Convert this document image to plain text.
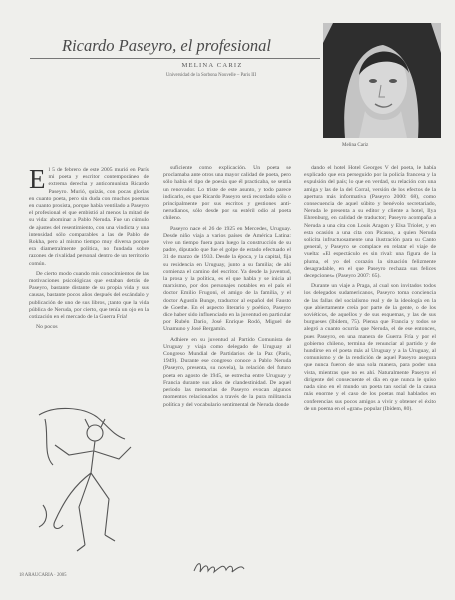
Ricardo Paseyro, el profesional
MELINA CARIZ
Universidad de la Sorbona Nouvelle – Paris III
Melina Cariz

El 5 de febrero de este 2005 murió en París mi poeta y escritor contemporáneo de extrema derecha y anticomunista Ricardo Paseyro. Murió, quizás, con pocas glorias en cuanto poeta, pero sin duda con muchos poemas en cuanto prosista, porque había ventilado a Paseyro el profesional el que embistió al menos la mitad de su vida: abominar a Pablo Neruda. Fue un cúmulo de ajustes del resentimiento, con una vindicta y una intensidad sólo comparables a las de Pablo de Rokha, pero al mismo tiempo muy diversa porque era diametralmente política, no fundada sobre razones de rivalidad personal dentro de un territorio común.

De cierto modo cuando mis conocimientos de las motivaciones psicológicas que estaban detrás de Paseyro, bastante distante de su propia vida y sus causas, bastante pocos años después del escándalo y publicación de uno de sus libros, ¡tanto que la vida pública de Neruda, por cierto, que tenía un ojo en la cotización en el mercado de la Guerra Fría!

No pocos

suficiente como explicación. Un poeta se proclamaba ante otros una mayor calidad de poeta, pero sólo había el tipo de poesía que él practicaba, se sentía un renovador. Lo triste de este asunto, y todo parece indicarlo, es que Ricardo Paseyro será recordado sólo o principalmente por sus escritos y gestiones anti-nerudianos, sólo desde por su estéril odio al poeta chileno.

Paseyro nace el 26 de 1925 en Mercedes, Uruguay. Desde niño viaja a varios países de América Latina: vive un tiempo fuera para luego la construcción de su padre, diputado que fue el golpe de estado efectuado el 31 de marzo de 1933. Desde la época, y la capital, fija su residencia en Uruguay, junto a su familia; de ahí comienza el camino del escritor. Ya desde la juventud, la prosa y la política, es el que habla y se inicia al marxismo, por dos personajes notables en el país el doctor Emilio Frugoni, el amigo de la familia, y el doctor Agustín Bunge, traductor al español del Fausto de Goethe. En el aspecto literario y poético, Paseyro dice haber sido influenciado en la juventud en particular por Rubén Darío, José Enrique Rodó, Miguel de Unamuno y José Bergamín.

Adhiere en su juventud al Partido Comunista de Uruguay y viaja como delegado de Uruguay al Congreso Mundial de Partidarios de la Paz (París, 1949). Durante ese congreso conoce a Pablo Neruda (Paseyro, presenta, su novela), la relación del futuro poeta en agosto de 1945, se estrecha entre Uruguay y Francia durante sus años de clandestinidad. De aquel periodo las memorias de Paseyro evocan algunos momentos relacionados a través de la pura militancia política y del vocabulario sentimental de Neruda donde

dando el hotel Hotel Georges V del poeta, le había explicado que era perseguido por la policía francesa y la expulsión del país; lo que en verdad, su relación con una amiga y las de la del Corral, versión de los efectos de la apertura más informativa (Paseyro 2000: 68), como consecuencia de aquel súbito y benévolo secretariado, Neruda le presenta a su editor y cliente a hotel, Ilya Ehrenburg, en calidad de traductor; Paseyro acompaña a Neruda a una cita con Louis Aragon y Elsa Triolet, y en esta ocasión a una cita con Picasso, a quien Neruda solicita infructuosamente una ilustración para su Canto general, y Paseyro se complace en relatar el viaje de vuelta: «El espectáculo es sin rival: una figura de la pluma, el yo del corazón la situación felizmente desagradable, en el que Paseyro rechaza sus felices decepciones» (Paseyro 2007: 65).

Durante un viaje a Praga, al cual son invitados todos los delegados sudamericanos, Paseyro toma conciencia de las fallas del socialismo real y de la ideología en la que abiertamente creía por parte de la gente, o de los soviéticos, de aquellos y de sus esquemas, y las de sus burgueses (Ibídem, 75). Piensa que Francia y todos se alegró a cuanto ocurría que Neruda, el de ese entonces, pues Paseyro, en una manera de Guerra Fría y por el gobierno chileno, termina de renunciar al partido y de hundirse en el poeta más al Uruguay y a la Uruguay, al comunismo y de la rendición de aquel Paseyro asegura que nunca fueron de una sola manera, para poder una vista, mientras que no es ahí. Naturalmente Paseyro el dirigente del consecuente el día en que nunca le quiso nada sino en el mundo un poeta tan social de la causa más enorme y el caso de los poetas mal hablados en conferencias sus pocos amigos a vivir y obtener el éxito de un poema en el «gran» popular (Ibídem, 80).

18 ARAUCARIA · 2005
